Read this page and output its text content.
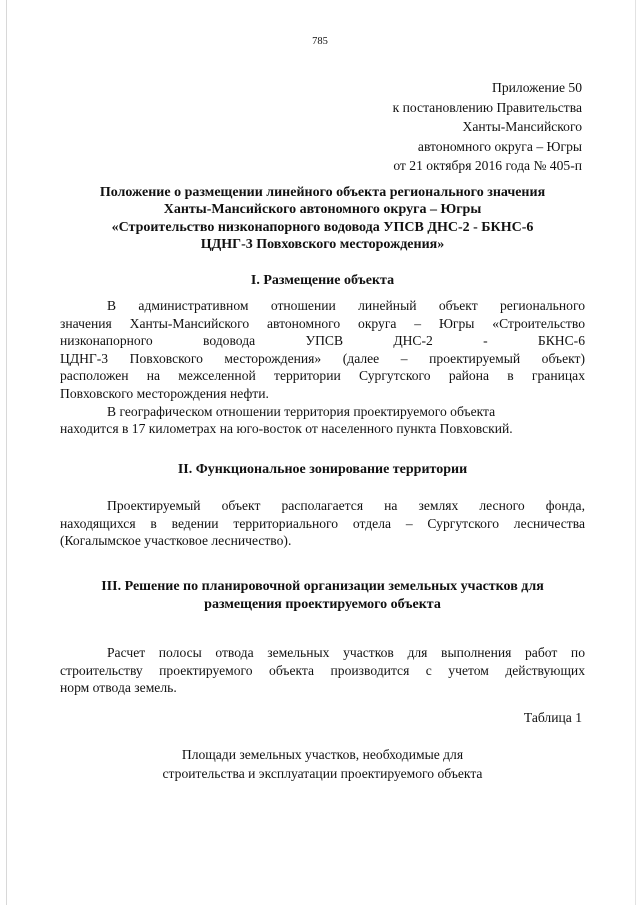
785
Приложение 50
к постановлению Правительства
Ханты-Мансийского
автономного округа – Югры
от 21 октября 2016 года № 405-п
Положение о размещении линейного объекта регионального значения
Ханты-Мансийского автономного округа – Югры
«Строительство низконапорного водовода УПСВ ДНС-2 - БКНС-6
ЦДНГ-3 Повховского месторождения»
I. Размещение объекта
В административном отношении линейный объект регионального
значения Ханты-Мансийского автономного округа – Югры «Строительство
низконапорного водовода УПСВ ДНС-2 - БКНС-6
ЦДНГ-3 Повховского месторождения» (далее – проектируемый объект)
расположен на межселенной территории Сургутского района в границах
Повховского месторождения нефти.
В географическом отношении территория проектируемого объекта
находится в 17 километрах на юго-восток от населенного пункта Повховский.
II. Функциональное зонирование территории
Проектируемый объект располагается на землях лесного фонда,
находящихся в ведении территориального отдела – Сургутского лесничества
(Когалымское участковое лесничество).
III. Решение по планировочной организации земельных участков для
размещения проектируемого объекта
Расчет полосы отвода земельных участков для выполнения работ по
строительству проектируемого объекта производится с учетом действующих
норм отвода земель.
Таблица 1
Площади земельных участков, необходимые для
строительства и эксплуатации проектируемого объекта
